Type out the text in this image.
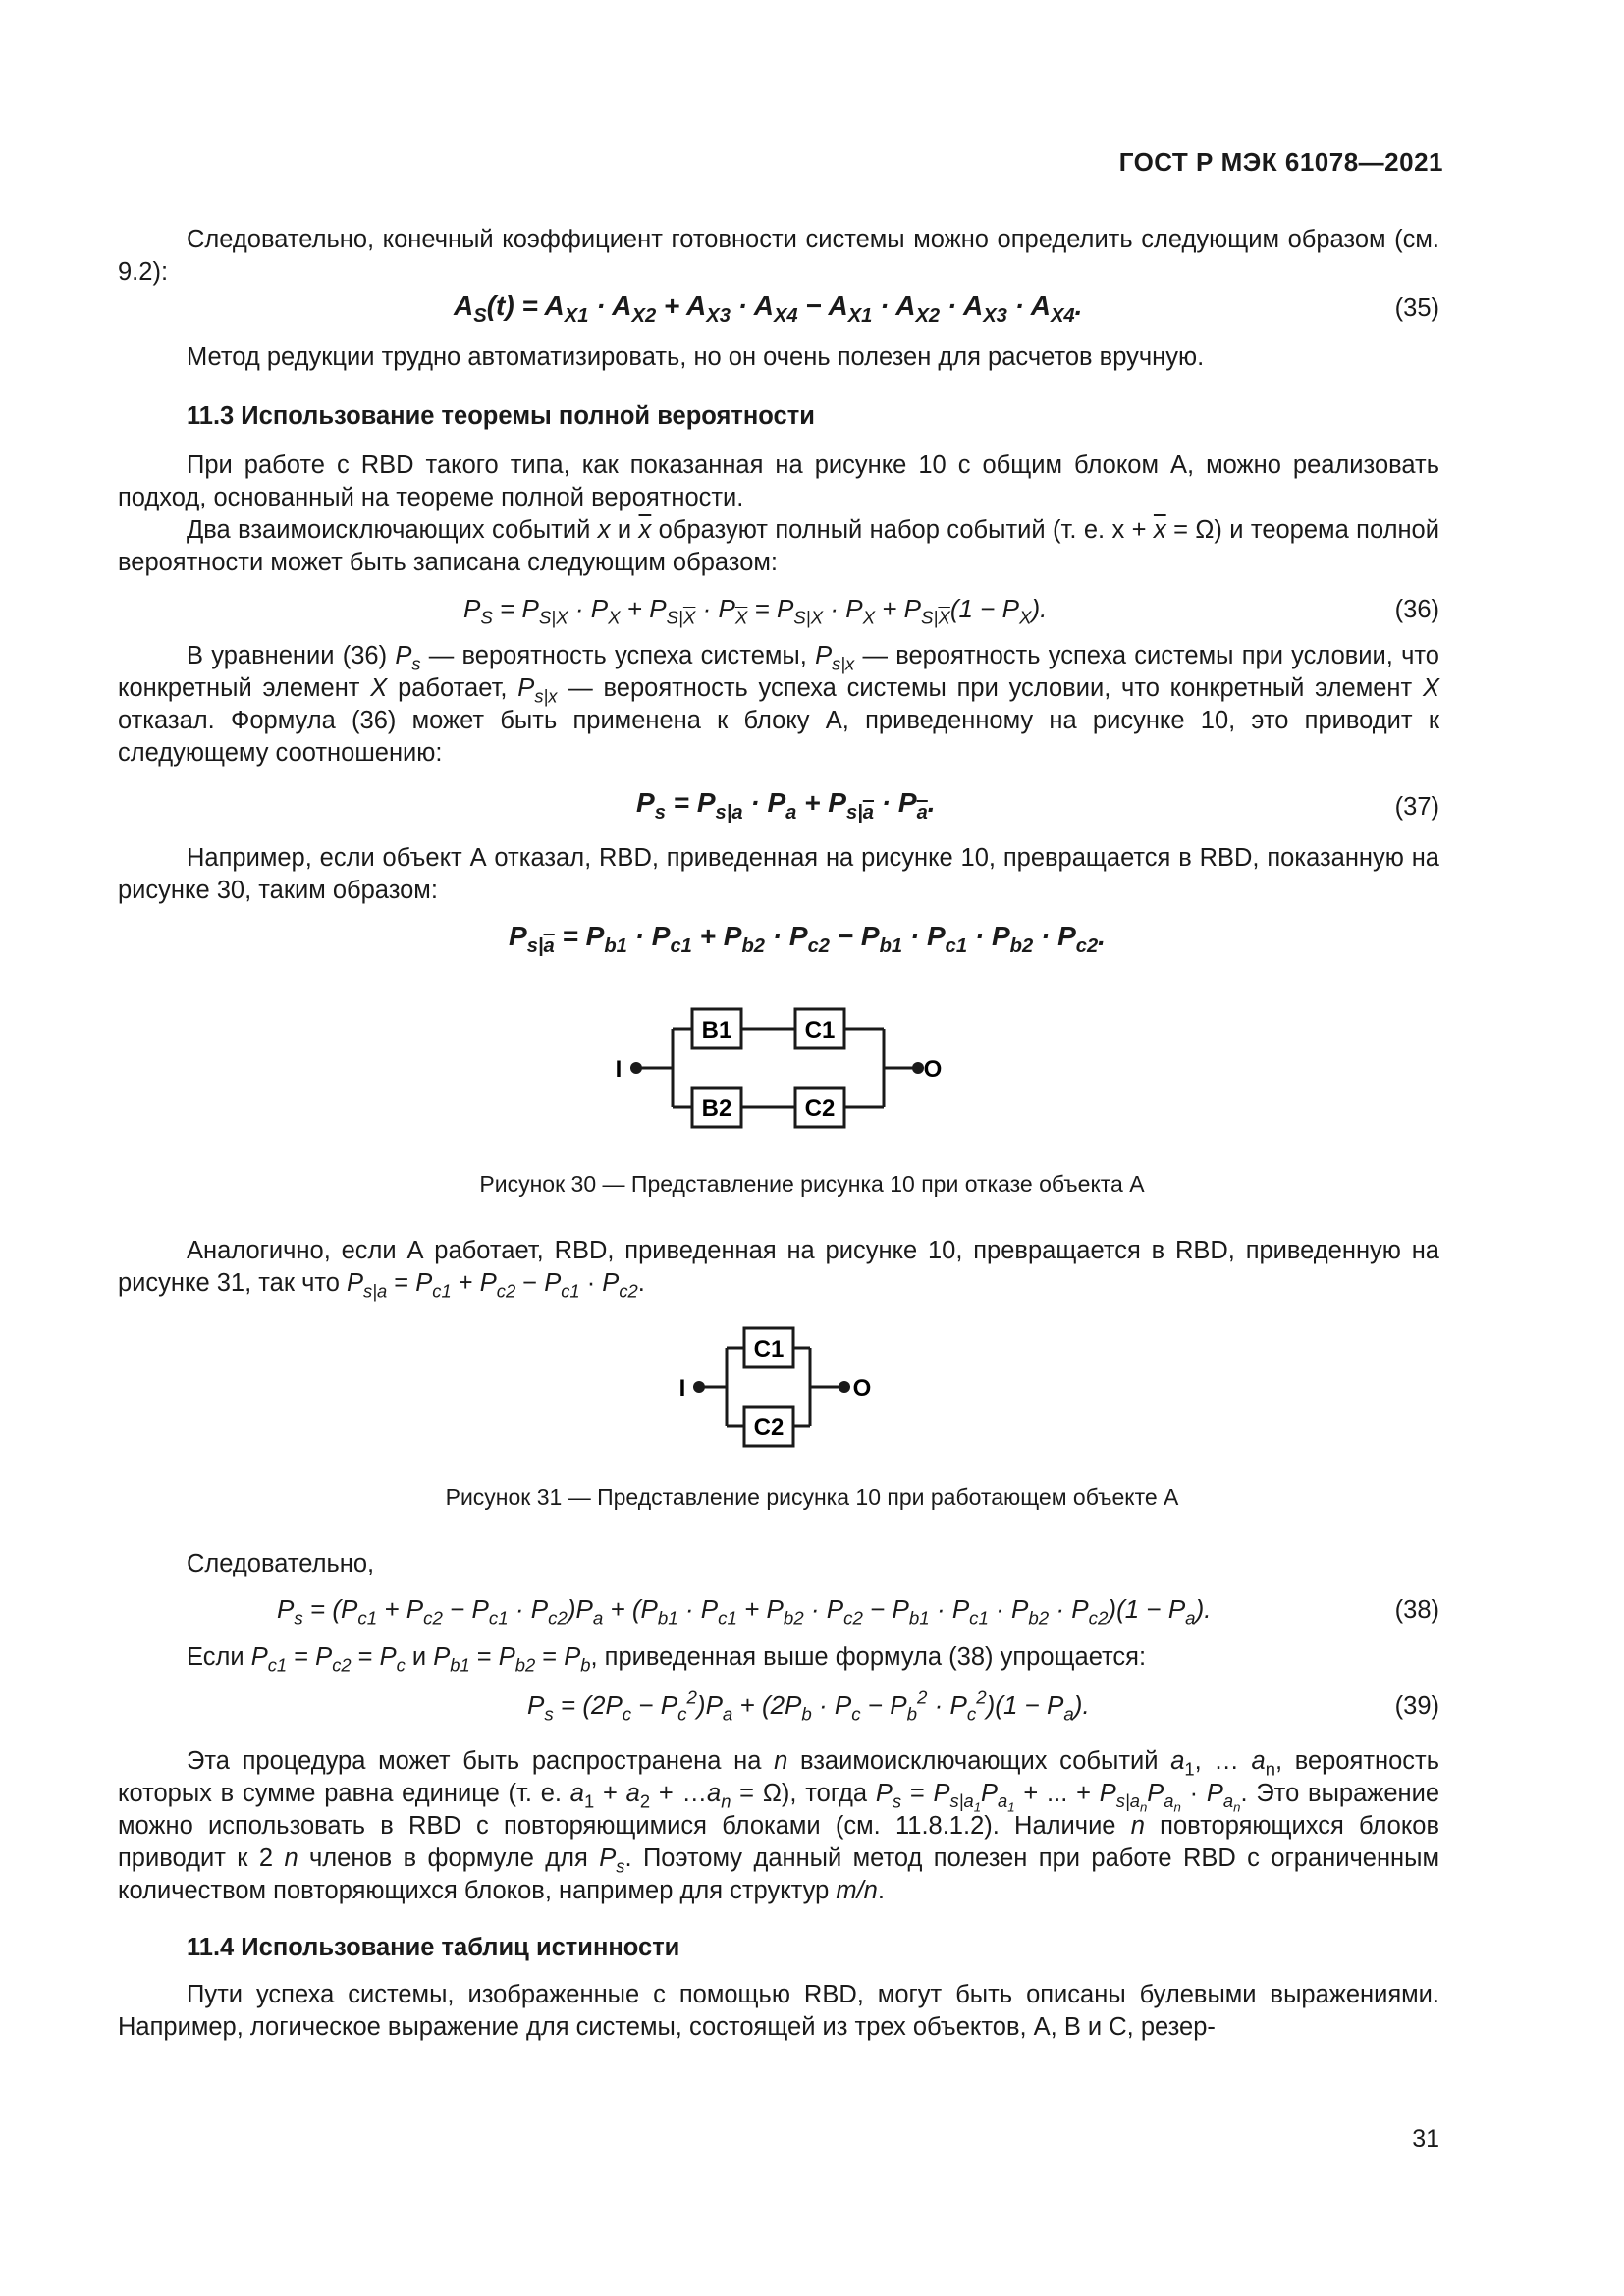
ГОСТ Р МЭК 61078—2021

Следовательно, конечный коэффициент готовности системы можно определить следующим образом (см. 9.2):

$A_S(t) = A_{X1} \cdot A_{X2} + A_{X3} \cdot A_{X4} - A_{X1} \cdot A_{X2} \cdot A_{X3} \cdot A_{X4}$.	(35)

Метод редукции трудно автоматизировать, но он очень полезен для расчетов вручную.

11.3 Использование теоремы полной вероятности

При работе с RBD такого типа, как показанная на рисунке 10 с общим блоком А, можно реализовать подход, основанный на теореме полной вероятности.

Два взаимоисключающих событий x и $\overline{x}$ образуют полный набор событий (т. е. $x + \overline{x} = \Omega$) и теорема полной вероятности может быть записана следующим образом:

$P_S = P_{S|X} \cdot P_X + P_{S|\overline{X}} \cdot P_{\overline{X}} = P_{S|X} \cdot P_X + P_{S|\overline{X}}(1 - P_X)$.	(36)

В уравнении (36) $P_s$ — вероятность успеха системы, $P_{s|x}$ — вероятность успеха системы при условии, что конкретный элемент X работает, $P_{s|x}$ — вероятность успеха системы при условии, что конкретный элемент X отказал. Формула (36) может быть применена к блоку А, приведенному на рисунке 10, это приводит к следующему соотношению:

$P_s = P_{s|a} \cdot P_a + P_{s|\overline{a}} \cdot P_{\overline{a}}$.	(37)

Например, если объект А отказал, RBD, приведенная на рисунке 10, превращается в RBD, показанную на рисунке 30, таким образом:

$P_{s|\overline{a}} = P_{b1} \cdot P_{c1} + P_{b2} \cdot P_{c2} - P_{b1} \cdot P_{c1} \cdot P_{b2} \cdot P_{c2}$.
I	O
B1	C1
B2	C2
Рисунок 30 — Представление рисунка 10 при отказе объекта А

Аналогично, если А работает, RBD, приведенная на рисунке 10, превращается в RBD, приведенную на рисунке 31, так что $P_{s|a} = P_{c1} + P_{c2} - P_{c1} \cdot P_{c2}$.

I	O
C1
C2
Рисунок 31 — Представление рисунка 10 при работающем объекте А

Следовательно,

$P_s = (P_{c1} + P_{c2} - P_{c1} \cdot P_{c2})P_a + (P_{b1} \cdot P_{c1} + P_{b2} \cdot P_{c2} - P_{b1} \cdot P_{c1} \cdot P_{b2} \cdot P_{c2})(1 - P_a)$.	(38)

Если $P_{c1} = P_{c2} = P_c$ и $P_{b1} = P_{b2} = P_b$, приведенная выше формула (38) упрощается:

$P_s = (2P_c - P_c^2)P_a + (2P_b \cdot P_c - P_b^2 \cdot P_c^2)(1 - P_a)$.	(39)

Эта процедура может быть распространена на n взаимоисключающих событий $a_1$, … $a_n$, вероятность которых в сумме равна единице (т. е. $a_1 + a_2$ + $\dots a_n = \Omega$), тогда $P_s = P_{s|a_1}P_{a_1}$ + ... + $P_{s|a_n}P_{a_n} \cdot P_{a_n}$. Это выражение можно использовать в RBD с повторяющимися блоками (см. 11.8.1.2). Наличие n повторяющихся блоков приводит к 2 n членов в формуле для $P_s$. Поэтому данный метод полезен при работе RBD с ограниченным количеством повторяющихся блоков, например для структур m/n.

11.4 Использование таблиц истинности

Пути успеха системы, изображенные с помощью RBD, могут быть описаны булевыми выражениями. Например, логическое выражение для системы, состоящей из трех объектов, А, В и С, резер-

31
